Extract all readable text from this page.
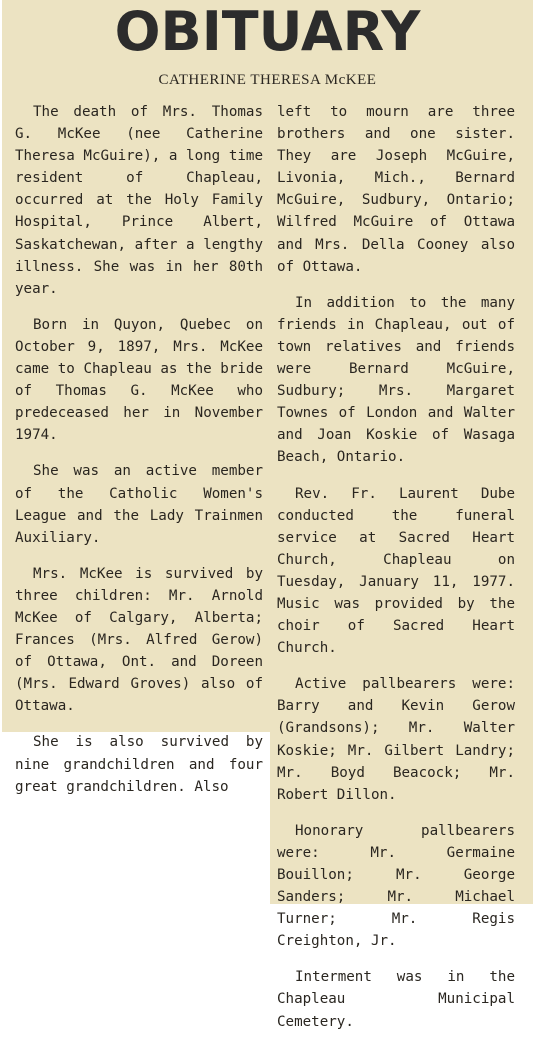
OBITUARY
CATHERINE THERESA McKEE

The death of Mrs. Thomas G. McKee (nee Catherine Theresa McGuire), a long time resident of Chapleau, occurred at the Holy Family Hospital, Prince Albert, Saskatchewan, after a lengthy illness. She was in her 80th year.

Born in Quyon, Quebec on October 9, 1897, Mrs. McKee came to Chapleau as the bride of Thomas G. McKee who predeceased her in November 1974.

She was an active member of the Catholic Women's League and the Lady Trainmen Auxiliary.

Mrs. McKee is survived by three children: Mr. Arnold McKee of Calgary, Alberta; Frances (Mrs. Alfred Gerow) of Ottawa, Ont. and Doreen (Mrs. Edward Groves) also of Ottawa.

She is also survived by nine grandchildren and four great grandchildren. Also

left to mourn are three brothers and one sister. They are Joseph McGuire, Livonia, Mich., Bernard McGuire, Sudbury, Ontario; Wilfred McGuire of Ottawa and Mrs. Della Cooney also of Ottawa.

In addition to the many friends in Chapleau, out of town relatives and friends were Bernard McGuire, Sudbury; Mrs. Margaret Townes of London and Walter and Joan Koskie of Wasaga Beach, Ontario.

Rev. Fr. Laurent Dube conducted the funeral service at Sacred Heart Church, Chapleau on Tuesday, January 11, 1977. Music was provided by the choir of Sacred Heart Church.

Active pallbearers were: Barry and Kevin Gerow (Grandsons); Mr. Walter Koskie; Mr. Gilbert Landry; Mr. Boyd Beacock; Mr. Robert Dillon.

Honorary pallbearers were: Mr. Germaine Bouillon; Mr. George Sanders; Mr. Michael Turner; Mr. Regis Creighton, Jr.

Interment was in the Chapleau Municipal Cemetery.
